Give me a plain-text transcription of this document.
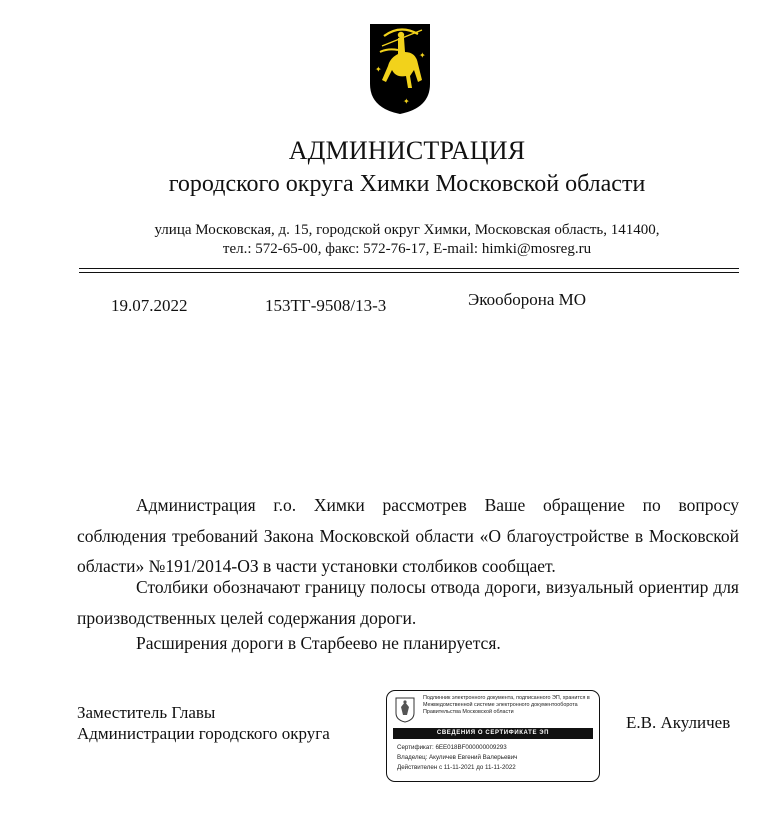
✦
✦
✦
АДМИНИСТРАЦИЯ
городского округа Химки Московской области
улица Московская, д. 15, городской округ Химки, Московская область, 141400,
тел.: 572-65-00, факс: 572-76-17, E-mail: himki@mosreg.ru
19.07.2022	153ТГ-9508/13-3	Экооборона МО
Администрация г.о. Химки рассмотрев Ваше обращение по вопросу соблюдения требований Закона Московской области «О благоустройстве в Московской области» №191/2014-ОЗ в части установки столбиков сообщает.
Столбики обозначают границу полосы отвода дороги, визуальный ориентир для производственных целей содержания дороги.
Расширения дороги в Старбеево не планируется.
Заместитель Главы
Администрации городского округа
Е.В. Акуличев
Подлинник электронного документа, подписанного ЭП, хранится в Межведомственной системе электронного документооборота Правительства Московской области
СВЕДЕНИЯ О СЕРТИФИКАТЕ ЭП
Сертификат: 6EE018BF000000009293
Владелец: Акуличев Евгений Валерьевич
Действителен с 11-11-2021 до 11-11-2022
